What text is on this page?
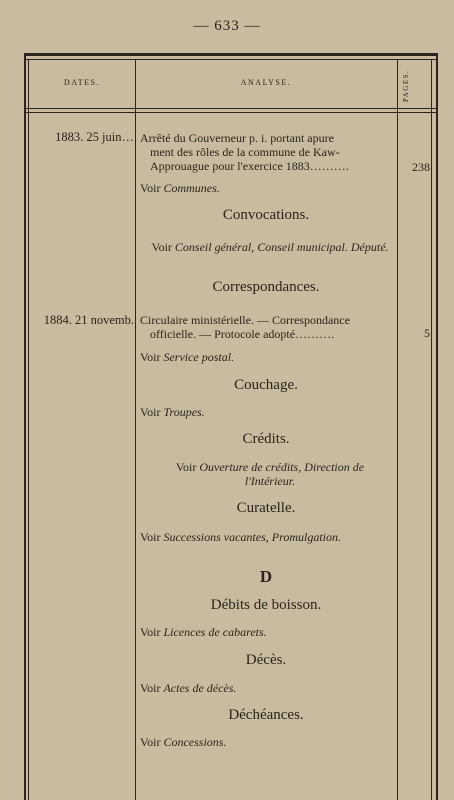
— 633 —
DATES.	ANALYSE.	PAGES.
1883. 25 juin… Arrêté du Gouverneur p. i. portant apure
ment des rôles de la commune de Kaw-Approuague pour l'exercice 1883……….	238
Voir Communes.
Convocations.
Voir Conseil général, Conseil municipal. Député.
Correspondances.
1884. 21 novemb. Circulaire ministérielle. — Correspondance
officielle. — Protocole adopté……….	5
Voir Service postal.
Couchage.
Voir Troupes.
Crédits.
Voir Ouverture de crédits, Direction de l'Intérieur.
Curatelle.
Voir Successions vacantes, Promulgation.
D
Débits de boisson.
Voir Licences de cabarets.
Décès.
Voir Actes de décès.
Déchéances.
Voir Concessions.
